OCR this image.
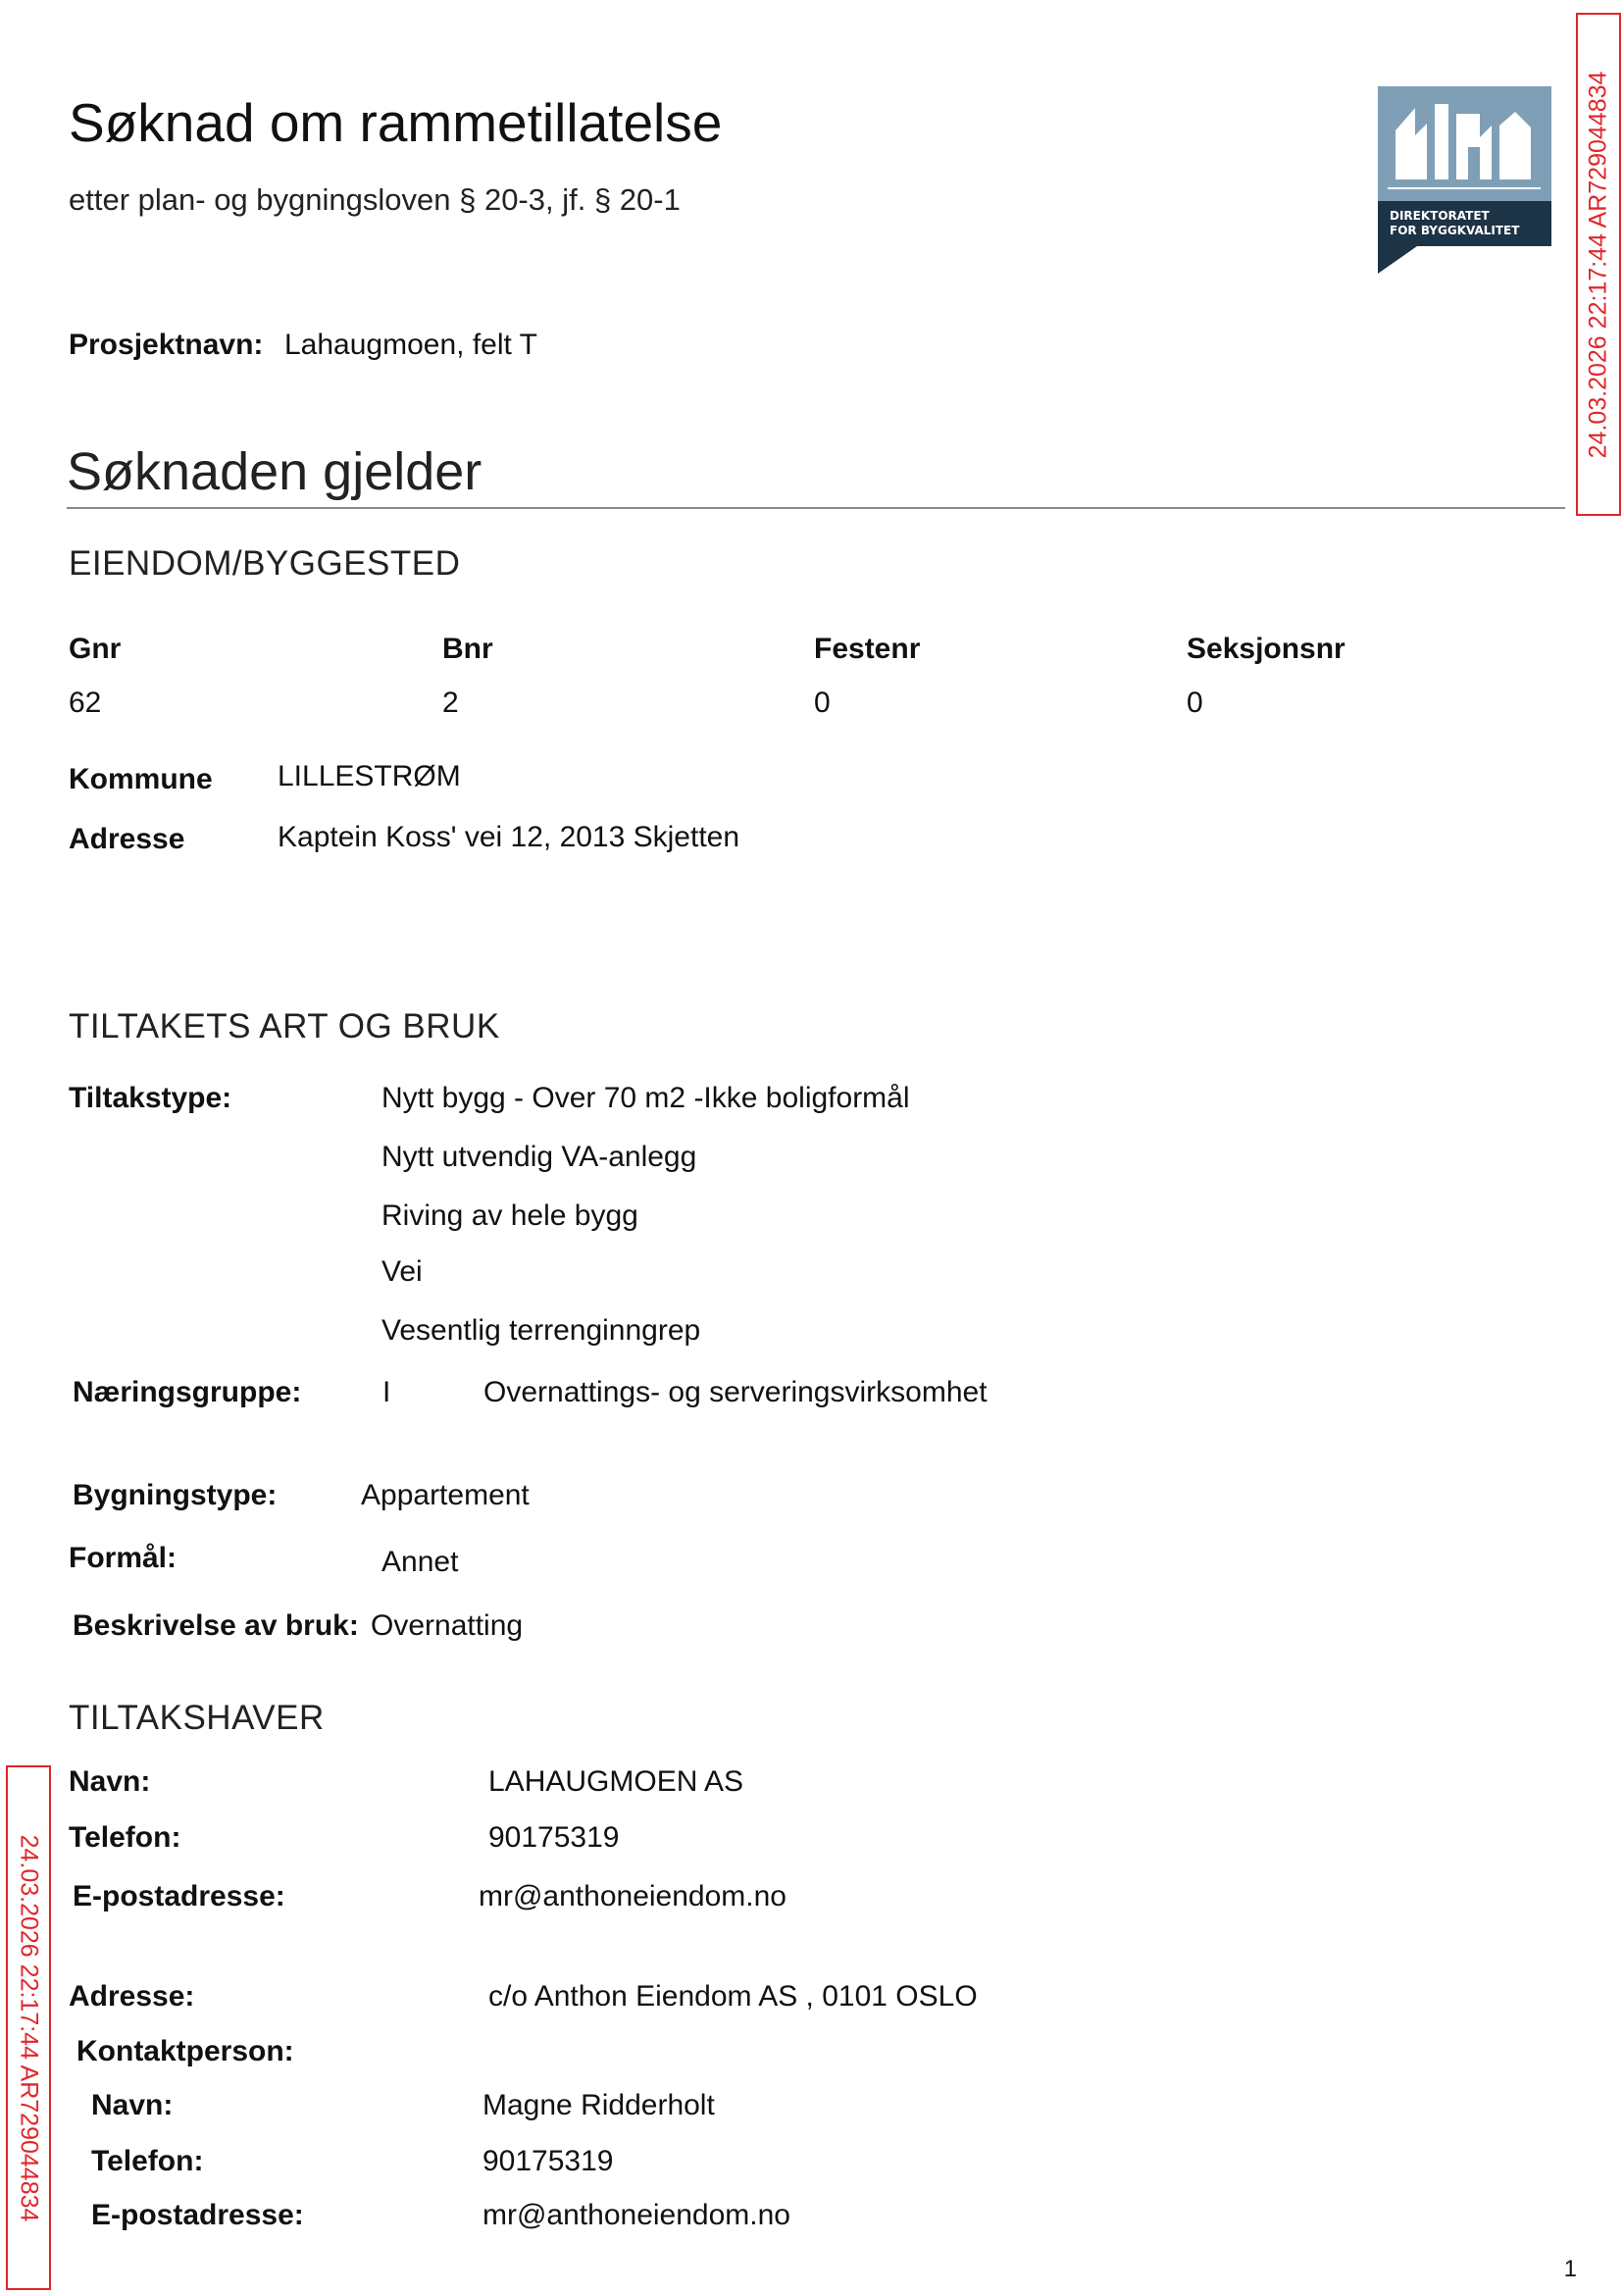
Søknad om rammetillatelse
etter plan- og bygningsloven § 20-3, jf. § 20-1	DIREKTORATET
FOR BYGGKVALITET	24.03.2026 22:17:44 AR729044834
24.03.2026 22:17:44 AR729044834
Prosjektnavn: Lahaugmoen, felt T
Søknaden gjelder
EIENDOM/BYGGESTED
Gnr	Bnr	Festenr	Seksjonsnr
62	2	0	0
Kommune LILLESTRØM
Adresse	Kaptein Koss' vei 12, 2013 Skjetten
TILTAKETS ART OG BRUK
Tiltakstype:	Nytt bygg - Over 70 m2 -Ikke boligformål
Nytt utvendig VA-anlegg
Riving av hele bygg
Vei
Vesentlig terrenginngrep
Næringsgruppe:	I	Overnattings- og serveringsvirksomhet
Bygningstype:	Appartement
Formål:	Annet
Beskrivelse av bruk: Overnatting
TILTAKSHAVER
Navn:	LAHAUGMOEN AS
Telefon:	90175319
E-postadresse:	mr@anthoneiendom.no
Adresse:	c/o Anthon Eiendom AS , 0101 OSLO
Kontaktperson:
Navn:	Magne Ridderholt
Telefon:	90175319
E-postadresse:	mr@anthoneiendom.no
1
